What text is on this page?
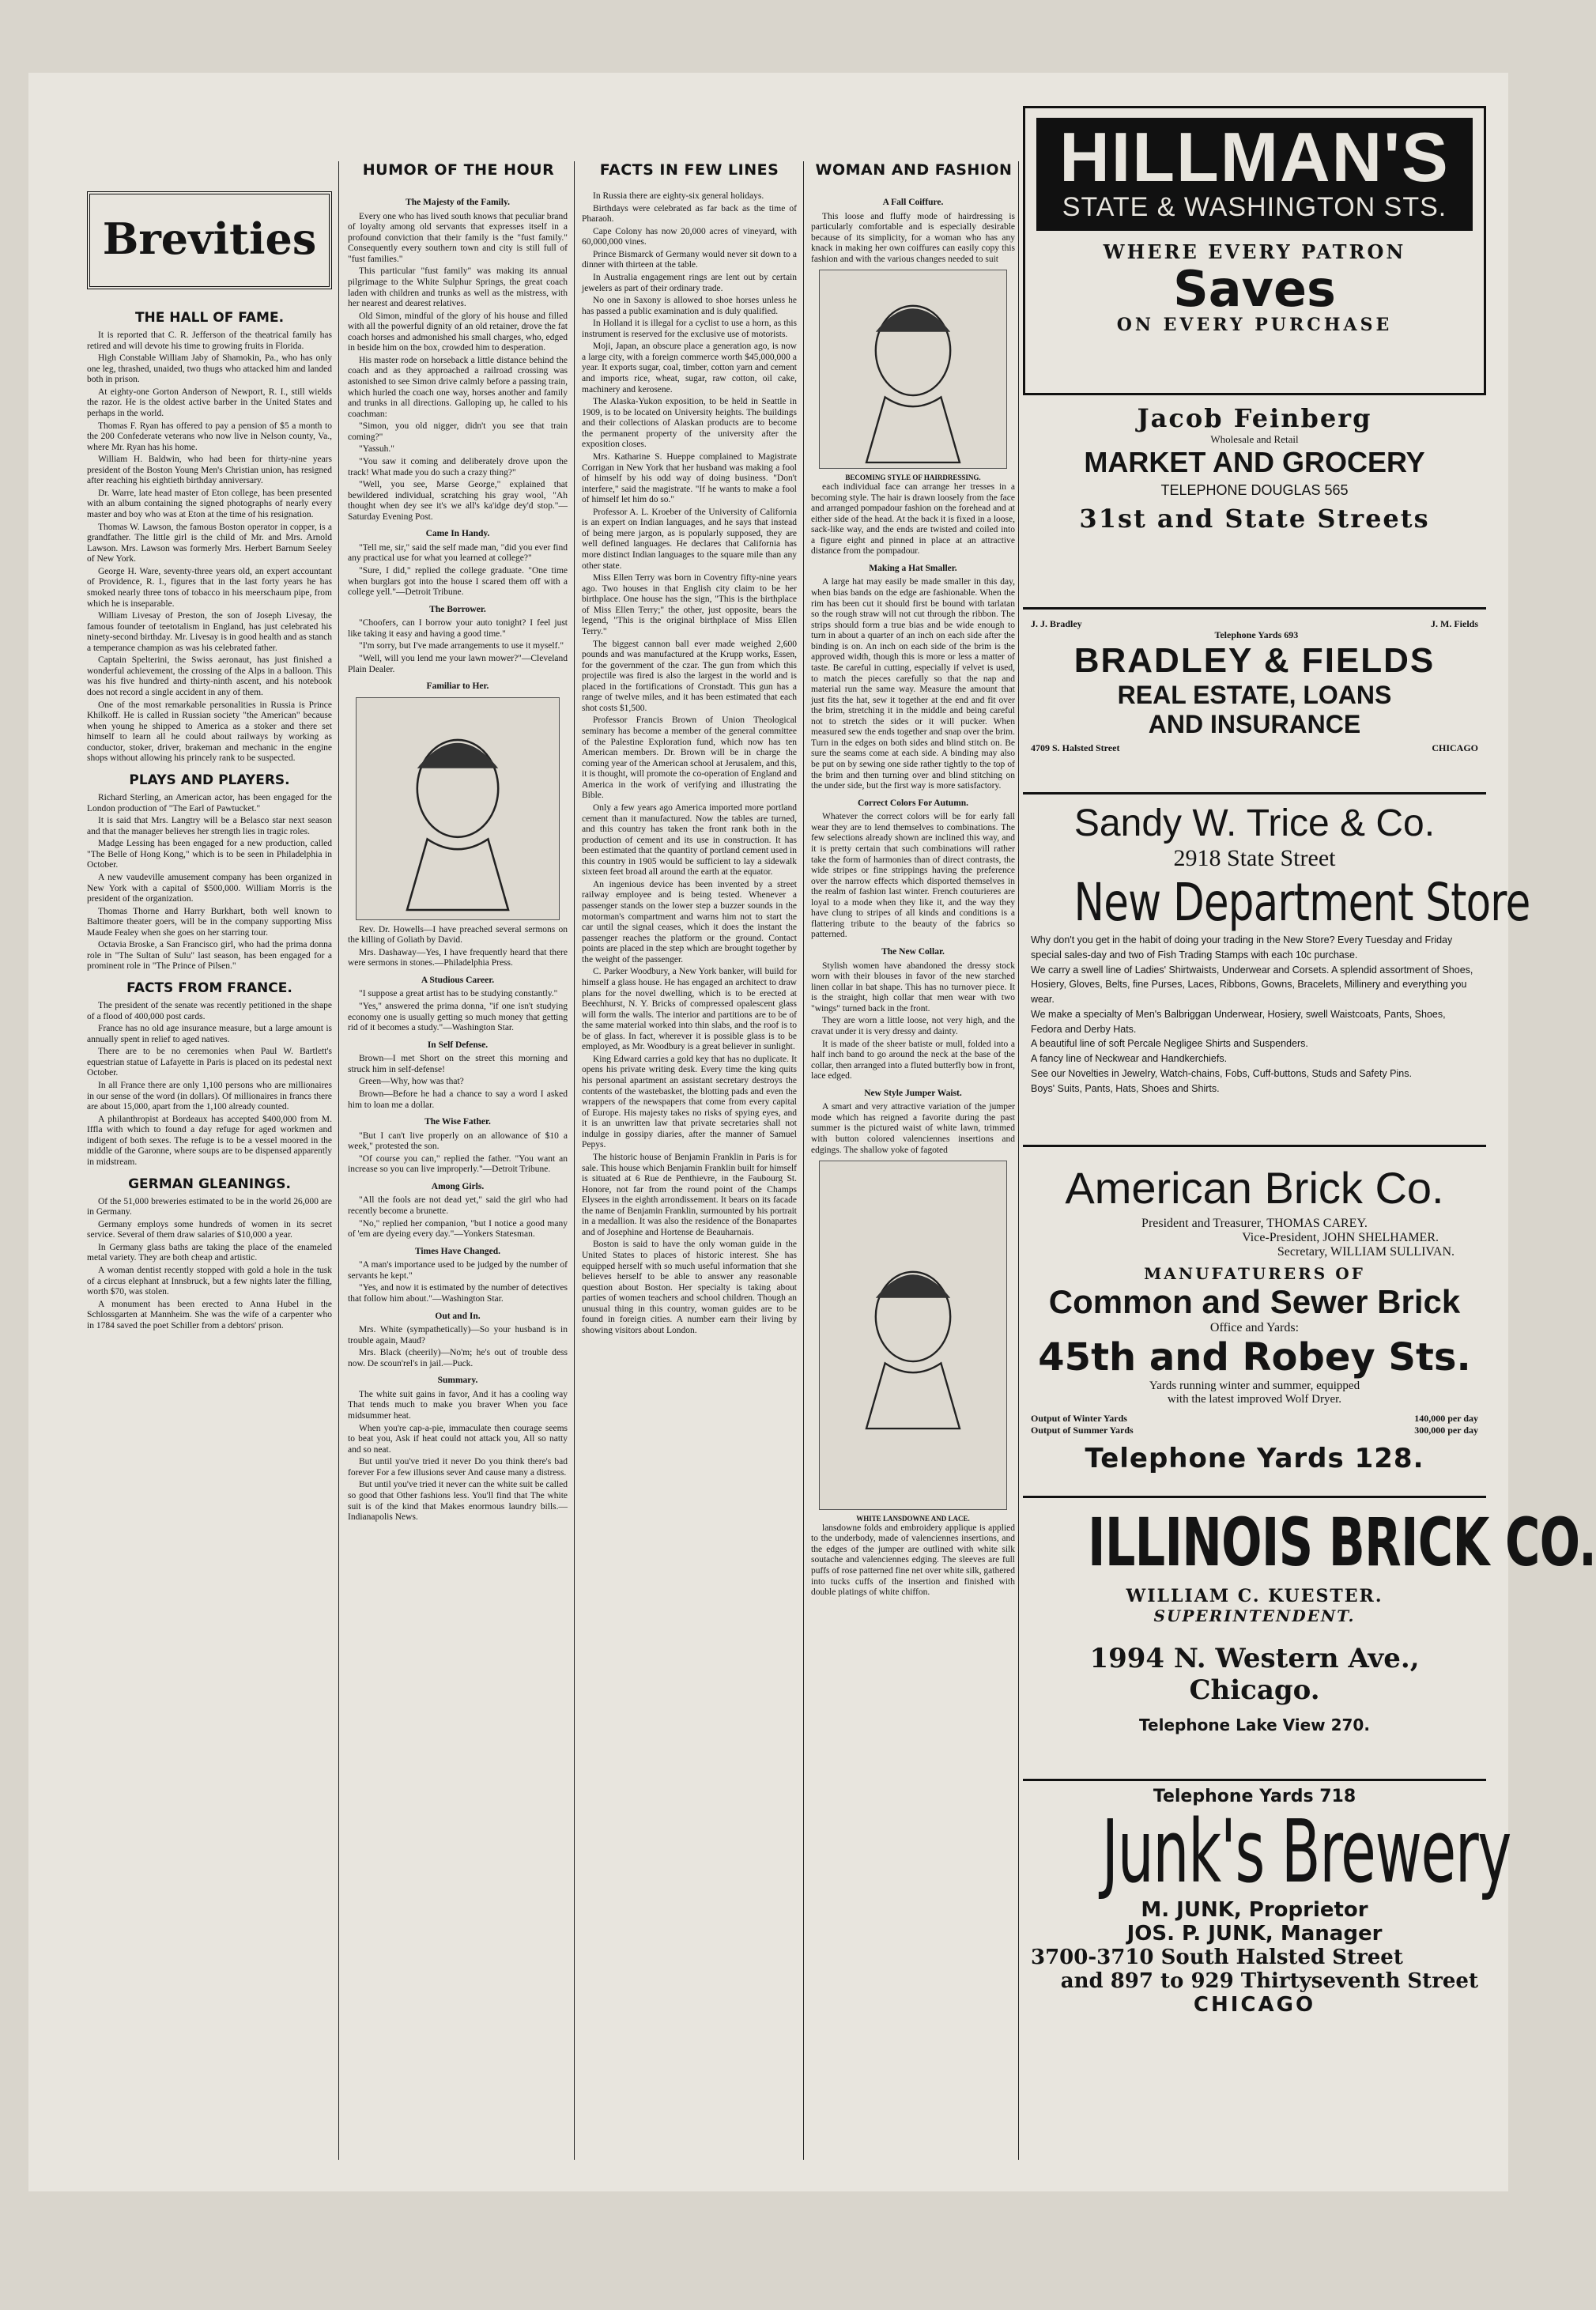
Brevities
THE HALL OF FAME.

It is reported that C. R. Jefferson of the theatrical family has retired and will devote his time to growing fruits in Florida.

High Constable William Jaby of Shamokin, Pa., who has only one leg, thrashed, unaided, two thugs who attacked him and landed both in prison.

At eighty-one Gorton Anderson of Newport, R. I., still wields the razor. He is the oldest active barber in the United States and perhaps in the world.

Thomas F. Ryan has offered to pay a pension of $5 a month to the 200 Confederate veterans who now live in Nelson county, Va., where Mr. Ryan has his home.

William H. Baldwin, who had been for thirty-nine years president of the Boston Young Men's Christian union, has resigned after reaching his eightieth birthday anniversary.

Dr. Warre, late head master of Eton college, has been presented with an album containing the signed photographs of nearly every master and boy who was at Eton at the time of his resignation.

Thomas W. Lawson, the famous Boston operator in copper, is a grandfather. The little girl is the child of Mr. and Mrs. Arnold Lawson. Mrs. Lawson was formerly Mrs. Herbert Barnum Seeley of New York.

George H. Ware, seventy-three years old, an expert accountant of Providence, R. I., figures that in the last forty years he has smoked nearly three tons of tobacco in his meerschaum pipe, from which he is inseparable.

William Livesay of Preston, the son of Joseph Livesay, the famous founder of teetotalism in England, has just celebrated his ninety-second birthday. Mr. Livesay is in good health and as stanch a temperance champion as was his celebrated father.

Captain Spelterini, the Swiss aeronaut, has just finished a wonderful achievement, the crossing of the Alps in a balloon. This was his five hundred and thirty-ninth ascent, and his notebook does not record a single accident in any of them.

One of the most remarkable personalities in Russia is Prince Khilkoff. He is called in Russian society "the American" because when young he shipped to America as a stoker and there set himself to learn all he could about railways by working as conductor, stoker, driver, brakeman and mechanic in the engine shops without allowing his princely rank to be suspected.

PLAYS AND PLAYERS.

Richard Sterling, an American actor, has been engaged for the London production of "The Earl of Pawtucket."

It is said that Mrs. Langtry will be a Belasco star next season and that the manager believes her strength lies in tragic roles.

Madge Lessing has been engaged for a new production, called "The Belle of Hong Kong," which is to be seen in Philadelphia in October.

A new vaudeville amusement company has been organized in New York with a capital of $500,000. William Morris is the president of the organization.

Thomas Thorne and Harry Burkhart, both well known to Baltimore theater goers, will be in the company supporting Miss Maude Fealey when she goes on her starring tour.

Octavia Broske, a San Francisco girl, who had the prima donna role in "The Sultan of Sulu" last season, has been engaged for a prominent role in "The Prince of Pilsen."

FACTS FROM FRANCE.

The president of the senate was recently petitioned in the shape of a flood of 400,000 post cards.

France has no old age insurance measure, but a large amount is annually spent in relief to aged natives.

There are to be no ceremonies when Paul W. Bartlett's equestrian statue of Lafayette in Paris is placed on its pedestal next October.

In all France there are only 1,100 persons who are millionaires in our sense of the word (in dollars). Of millionaires in francs there are about 15,000, apart from the 1,100 already counted.

A philanthropist at Bordeaux has accepted $400,000 from M. Iffla with which to found a day refuge for aged workmen and indigent of both sexes. The refuge is to be a vessel moored in the middle of the Garonne, where soups are to be dispensed apparently in midstream.

GERMAN GLEANINGS.

Of the 51,000 breweries estimated to be in the world 26,000 are in Germany.

Germany employs some hundreds of women in its secret service. Several of them draw salaries of $10,000 a year.

In Germany glass baths are taking the place of the enameled metal variety. They are both cheap and artistic.

A woman dentist recently stopped with gold a hole in the tusk of a circus elephant at Innsbruck, but a few nights later the filling, worth $70, was stolen.

A monument has been erected to Anna Hubel in the Schlossgarten at Mannheim. She was the wife of a carpenter who in 1784 saved the poet Schiller from a debtors' prison.

HUMOR OF THE HOUR
The Majesty of the Family.

Every one who has lived south knows that peculiar brand of loyalty among old servants that expresses itself in a profound conviction that their family is the "fust family." Consequently every southern town and city is still full of "fust families."

This particular "fust family" was making its annual pilgrimage to the White Sulphur Springs, the great coach laden with children and trunks as well as the mistress, with her nearest and dearest relatives.

Old Simon, mindful of the glory of his house and filled with all the powerful dignity of an old retainer, drove the fat coach horses and admonished his small charges, who, edged in beside him on the box, crowded him to desperation.

His master rode on horseback a little distance behind the coach and as they approached a railroad crossing was astonished to see Simon drive calmly before a passing train, which hurled the coach one way, horses another and family and trunks in all directions. Galloping up, he called to his coachman:

"Simon, you old nigger, didn't you see that train coming?"

"Yassuh."

"You saw it coming and deliberately drove upon the track! What made you do such a crazy thing?"

"Well, you see, Marse George," explained that bewildered individual, scratching his gray wool, "Ah thought when dey see it's we all's ka'idge dey'd stop."—Saturday Evening Post.

Came In Handy.

"Tell me, sir," said the self made man, "did you ever find any practical use for what you learned at college?"

"Sure, I did," replied the college graduate. "One time when burglars got into the house I scared them off with a college yell."—Detroit Tribune.

The Borrower.

"Choofers, can I borrow your auto tonight? I feel just like taking it easy and having a good time."

"I'm sorry, but I've made arrangements to use it myself."

"Well, will you lend me your lawn mower?"—Cleveland Plain Dealer.

Familiar to Her.

Rev. Dr. Howells—I have preached several sermons on the killing of Goliath by David.

Mrs. Dashaway—Yes, I have frequently heard that there were sermons in stones.—Philadelphia Press.

A Studious Career.

"I suppose a great artist has to be studying constantly."

"Yes," answered the prima donna, "if one isn't studying economy one is usually getting so much money that getting rid of it becomes a study."—Washington Star.

In Self Defense.

Brown—I met Short on the street this morning and struck him in self-defense!

Green—Why, how was that?

Brown—Before he had a chance to say a word I asked him to loan me a dollar.

The Wise Father.

"But I can't live properly on an allowance of $10 a week," protested the son.

"Of course you can," replied the father. "You want an increase so you can live improperly."—Detroit Tribune.

Among Girls.

"All the fools are not dead yet," said the girl who had recently become a brunette.

"No," replied her companion, "but I notice a good many of 'em are dyeing every day."—Yonkers Statesman.

Times Have Changed.

"A man's importance used to be judged by the number of servants he kept."

"Yes, and now it is estimated by the number of detectives that follow him about."—Washington Star.

Out and In.

Mrs. White (sympathetically)—So your husband is in trouble again, Maud?

Mrs. Black (cheerily)—No'm; he's out of trouble dess now. De scoun'rel's in jail.—Puck.

Summary.

The white suit gains in favor, And it has a cooling way That tends much to make you braver When you face midsummer heat.

When you're cap-a-pie, immaculate then courage seems to beat you, Ask if heat could not attack you, All so natty and so neat.

But until you've tried it never Do you think there's bad forever For a few illusions sever And cause many a distress.

But until you've tried it never can the white suit be called so good that Other fashions less. You'll find that The white suit is of the kind that Makes enormous laundry bills.—Indianapolis News.

FACTS IN FEW LINES

In Russia there are eighty-six general holidays.

Birthdays were celebrated as far back as the time of Pharaoh.

Cape Colony has now 20,000 acres of vineyard, with 60,000,000 vines.

Prince Bismarck of Germany would never sit down to a dinner with thirteen at the table.

In Australia engagement rings are lent out by certain jewelers as part of their ordinary trade.

No one in Saxony is allowed to shoe horses unless he has passed a public examination and is duly qualified.

In Holland it is illegal for a cyclist to use a horn, as this instrument is reserved for the exclusive use of motorists.

Moji, Japan, an obscure place a generation ago, is now a large city, with a foreign commerce worth $45,000,000 a year. It exports sugar, coal, timber, cotton yarn and cement and imports rice, wheat, sugar, raw cotton, oil cake, machinery and kerosene.

The Alaska-Yukon exposition, to be held in Seattle in 1909, is to be located on University heights. The buildings and their collections of Alaskan products are to become the permanent property of the university after the exposition closes.

Mrs. Katharine S. Hueppe complained to Magistrate Corrigan in New York that her husband was making a fool of himself by his odd way of doing business. "Don't interfere," said the magistrate. "If he wants to make a fool of himself let him do so."

Professor A. L. Kroeber of the University of California is an expert on Indian languages, and he says that instead of being mere jargon, as is popularly supposed, they are well defined languages. He declares that California has more distinct Indian languages to the square mile than any other state.

Miss Ellen Terry was born in Coventry fifty-nine years ago. Two houses in that English city claim to be her birthplace. One house has the sign, "This is the birthplace of Miss Ellen Terry;" the other, just opposite, bears the legend, "This is the original birthplace of Miss Ellen Terry."

The biggest cannon ball ever made weighed 2,600 pounds and was manufactured at the Krupp works, Essen, for the government of the czar. The gun from which this projectile was fired is also the largest in the world and is placed in the fortifications of Cronstadt. This gun has a range of twelve miles, and it has been estimated that each shot costs $1,500.

Professor Francis Brown of Union Theological seminary has become a member of the general committee of the Palestine Exploration fund, which now has ten American members. Dr. Brown will be in charge the coming year of the American school at Jerusalem, and this, it is thought, will promote the co-operation of England and America in the work of verifying and illustrating the Bible.

Only a few years ago America imported more portland cement than it manufactured. Now the tables are turned, and this country has taken the front rank both in the production of cement and its use in construction. It has been estimated that the quantity of portland cement used in this country in 1905 would be sufficient to lay a sidewalk sixteen feet broad all around the earth at the equator.

An ingenious device has been invented by a street railway employee and is being tested. Whenever a passenger stands on the lower step a buzzer sounds in the motorman's compartment and warns him not to start the car until the signal ceases, which it does the instant the passenger reaches the platform or the ground. Contact points are placed in the step which are brought together by the weight of the passenger.

C. Parker Woodbury, a New York banker, will build for himself a glass house. He has engaged an architect to draw plans for the novel dwelling, which is to be erected at Beechhurst, N. Y. Bricks of compressed opalescent glass will form the walls. The interior and partitions are to be of the same material worked into thin slabs, and the roof is to be of glass. In fact, wherever it is possible glass is to be employed, as Mr. Woodbury is a great believer in sunlight.

King Edward carries a gold key that has no duplicate. It opens his private writing desk. Every time the king quits his personal apartment an assistant secretary destroys the contents of the wastebasket, the blotting pads and even the wrappers of the newspapers that come from every capital of Europe. His majesty takes no risks of spying eyes, and it is an unwritten law that private secretaries shall not indulge in gossipy diaries, after the manner of Samuel Pepys.

The historic house of Benjamin Franklin in Paris is for sale. This house which Benjamin Franklin built for himself is situated at 6 Rue de Penthievre, in the Faubourg St. Honore, not far from the round point of the Champs Elysees in the eighth arrondissement. It bears on its facade the name of Benjamin Franklin, surmounted by his portrait in a medallion. It was also the residence of the Bonapartes and of Josephine and Hortense de Beauharnais.

Boston is said to have the only woman guide in the United States to places of historic interest. She has equipped herself with so much useful information that she believes herself to be able to answer any reasonable question about Boston. Her specialty is taking about parties of women teachers and school children. Though an unusual thing in this country, woman guides are to be found in foreign cities. A number earn their living by showing visitors about London.

WOMAN AND FASHION
A Fall Coiffure.

This loose and fluffy mode of hairdressing is particularly comfortable and is especially desirable because of its simplicity, for a woman who has any knack in making her own coiffures can easily copy this fashion and with the various changes needed to suit

BECOMING STYLE OF HAIRDRESSING.

each individual face can arrange her tresses in a becoming style. The hair is drawn loosely from the face and arranged pompadour fashion on the forehead and at either side of the head. At the back it is fixed in a loose, sack-like way, and the ends are twisted and coiled into a figure eight and pinned in place at an attractive distance from the pompadour.

Making a Hat Smaller.

A large hat may easily be made smaller in this day, when bias bands on the edge are fashionable. When the rim has been cut it should first be bound with tarlatan so the rough straw will not cut through the ribbon. The strips should form a true bias and be wide enough to turn in about a quarter of an inch on each side after the binding is on. An inch on each side of the brim is the approved width, though this is more or less a matter of taste. Be careful in cutting, especially if velvet is used, to match the pieces carefully so that the nap and material run the same way. Measure the amount that just fits the hat, sew it together at the end and fit over the brim, stretching it in the middle and being careful not to stretch the sides or it will pucker. When measured sew the ends together and snap over the brim. Turn in the edges on both sides and blind stitch on. Be sure the seams come at each side. A binding may also be put on by sewing one side rather tightly to the top of the brim and then turning over and blind stitching on the under side, but the first way is more satisfactory.

Correct Colors For Autumn.

Whatever the correct colors will be for early fall wear they are to lend themselves to combinations. The few selections already shown are inclined this way, and it is pretty certain that such combinations will rather take the form of harmonies than of direct contrasts, the wide stripes or fine strippings having the preference over the narrow effects which disported themselves in the realm of fashion last winter. French couturieres are loyal to a mode when they like it, and the way they have clung to stripes of all kinds and conditions is a flattering tribute to the beauty of the fabrics so patterned.

The New Collar.

Stylish women have abandoned the dressy stock worn with their blouses in favor of the new starched linen collar in bat shape. This has no turnover piece. It is the straight, high collar that men wear with two "wings" turned back in the front.

They are worn a little loose, not very high, and the cravat under it is very dressy and dainty.

It is made of the sheer batiste or mull, folded into a half inch band to go around the neck at the base of the collar, then arranged into a fluted butterfly bow in front, lace edged.

New Style Jumper Waist.

A smart and very attractive variation of the jumper mode which has reigned a favorite during the past summer is the pictured waist of white lawn, trimmed with button colored valenciennes insertions and edgings. The shallow yoke of fagoted

WHITE LANSDOWNE AND LACE.

lansdowne folds and embroidery applique is applied to the underbody, made of valenciennes insertions, and the edges of the jumper are outlined with white silk soutache and valenciennes edging. The sleeves are full puffs of rose patterned fine net over white silk, gathered into tucks cuffs of the insertion and finished with double platings of white chiffon.

HILLMAN'S
STATE & WASHINGTON STS.
WHERE EVERY PATRON
Saves
ON EVERY PURCHASE
Jacob Feinberg
Wholesale and Retail
MARKET AND GROCERY
TELEPHONE DOUGLAS 565
31st and State Streets
J. J. Bradley
Telephone Yards 693
J. M. Fields
BRADLEY & FIELDS
REAL ESTATE, LOANS
AND INSURANCE
4709 S. Halsted Street	CHICAGO
Sandy W. Trice & Co.
2918 State Street
New Department Store
Why don't you get in the habit of doing your trading in the New Store? Every Tuesday and Friday special sales-day and two of Fish Trading Stamps with each 10c purchase.
We carry a swell line of Ladies' Shirtwaists, Underwear and Corsets. A splendid assortment of Shoes, Hosiery, Gloves, Belts, fine Purses, Laces, Ribbons, Gowns, Bracelets, Millinery and everything you wear.
We make a specialty of Men's Balbriggan Underwear, Hosiery, swell Waistcoats, Pants, Shoes, Fedora and Derby Hats.
A beautiful line of soft Percale Negligee Shirts and Suspenders.
A fancy line of Neckwear and Handkerchiefs.
See our Novelties in Jewelry, Watch-chains, Fobs, Cuff-buttons, Studs and Safety Pins.
Boys' Suits, Pants, Hats, Shoes and Shirts.
American Brick Co.
President and Treasurer, THOMAS CAREY.
Vice-President, JOHN SHELHAMER.
Secretary, WILLIAM SULLIVAN.
MANUFATURERS OF
Common and Sewer Brick
Office and Yards:
45th and Robey Sts.
Yards running winter and summer, equipped
with the latest improved Wolf Dryer.
Output of Winter Yards	140,000 per day
Output of Summer Yards	300,000 per day
Telephone Yards 128.
ILLINOIS BRICK CO.
WILLIAM C. KUESTER.
SUPERINTENDENT.
1994 N. Western Ave., Chicago.
Telephone Lake View 270.
Telephone Yards 718
Junk's Brewery
M. JUNK, Proprietor
JOS. P. JUNK, Manager
3700-3710 South Halsted Street
and 897 to 929 Thirtyseventh Street
CHICAGO
